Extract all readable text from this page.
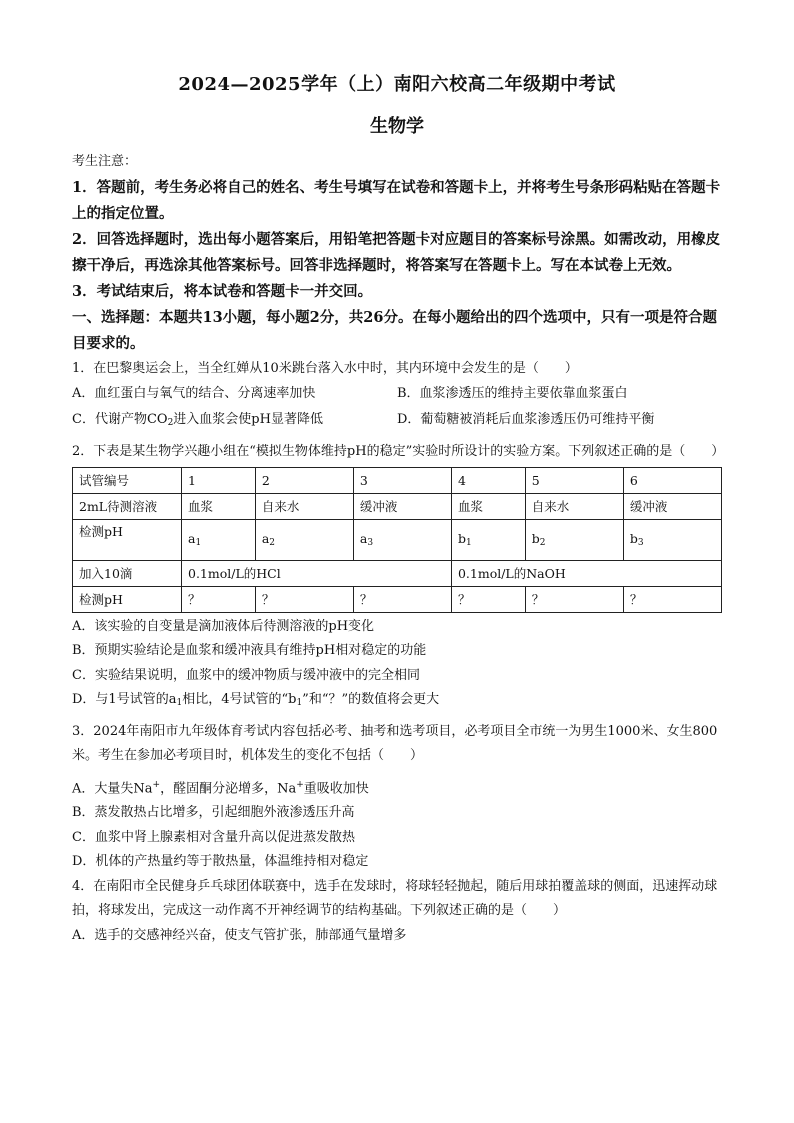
2024—2025学年（上）南阳六校高二年级期中考试
生物学
考生注意：
1．答题前，考生务必将自己的姓名、考生号填写在试卷和答题卡上，并将考生号条形码粘贴在答题卡上的指定位置。
2．回答选择题时，选出每小题答案后，用铅笔把答题卡对应题目的答案标号涂黑。如需改动，用橡皮擦干净后，再选涂其他答案标号。回答非选择题时，将答案写在答题卡上。写在本试卷上无效。
3．考试结束后，将本试卷和答题卡一并交回。
一、选择题：本题共13小题，每小题2分，共26分。在每小题给出的四个选项中，只有一项是符合题目要求的。
1．在巴黎奥运会上，当全红婵从10米跳台落入水中时，其内环境中会发生的是（　　）
A．血红蛋白与氧气的结合、分离速率加快	B．血浆渗透压的维持主要依靠血浆蛋白
C．代谢产物$CO_2$进入血浆会使pH显著降低	D．葡萄糖被消耗后血浆渗透压仍可维持平衡
2．下表是某生物学兴趣小组在“模拟生物体维持pH的稳定”实验时所设计的实验方案。下列叙述正确的是（　　）
试管编号	1	2	3	4	5	6
2mL待测溶液	血浆	自来水	缓冲液	血浆	自来水	缓冲液
检测pH	$a_1$	$a_2$	$a_3$	$b_1$	$b_2$	$b_3$
加入10滴	0.1mol/L的HCl			0.1mol/L的NaOH		
检测pH	？	？	？	？	？	？
A．该实验的自变量是滴加液体后待测溶液的pH变化
B．预期实验结论是血浆和缓冲液具有维持pH相对稳定的功能
C．实验结果说明，血浆中的缓冲物质与缓冲液中的完全相同
D．与1号试管的$a_1$相比，4号试管的“$b_1$”和“？”的数值将会更大
3．2024年南阳市九年级体育考试内容包括必考、抽考和选考项目，必考项目全市统一为男生1000米、女生800米。考生在参加必考项目时，机体发生的变化不包括（　　）
A．大量失Na+，醛固酮分泌增多，Na+重吸收加快
B．蒸发散热占比增多，引起细胞外液渗透压升高
C．血浆中肾上腺素相对含量升高以促进蒸发散热
D．机体的产热量约等于散热量，体温维持相对稳定
4．在南阳市全民健身乒乓球团体联赛中，选手在发球时，将球轻轻抛起，随后用球拍覆盖球的侧面，迅速挥动球拍，将球发出，完成这一动作离不开神经调节的结构基础。下列叙述正确的是（　　）
A．选手的交感神经兴奋，使支气管扩张，肺部通气量增多
